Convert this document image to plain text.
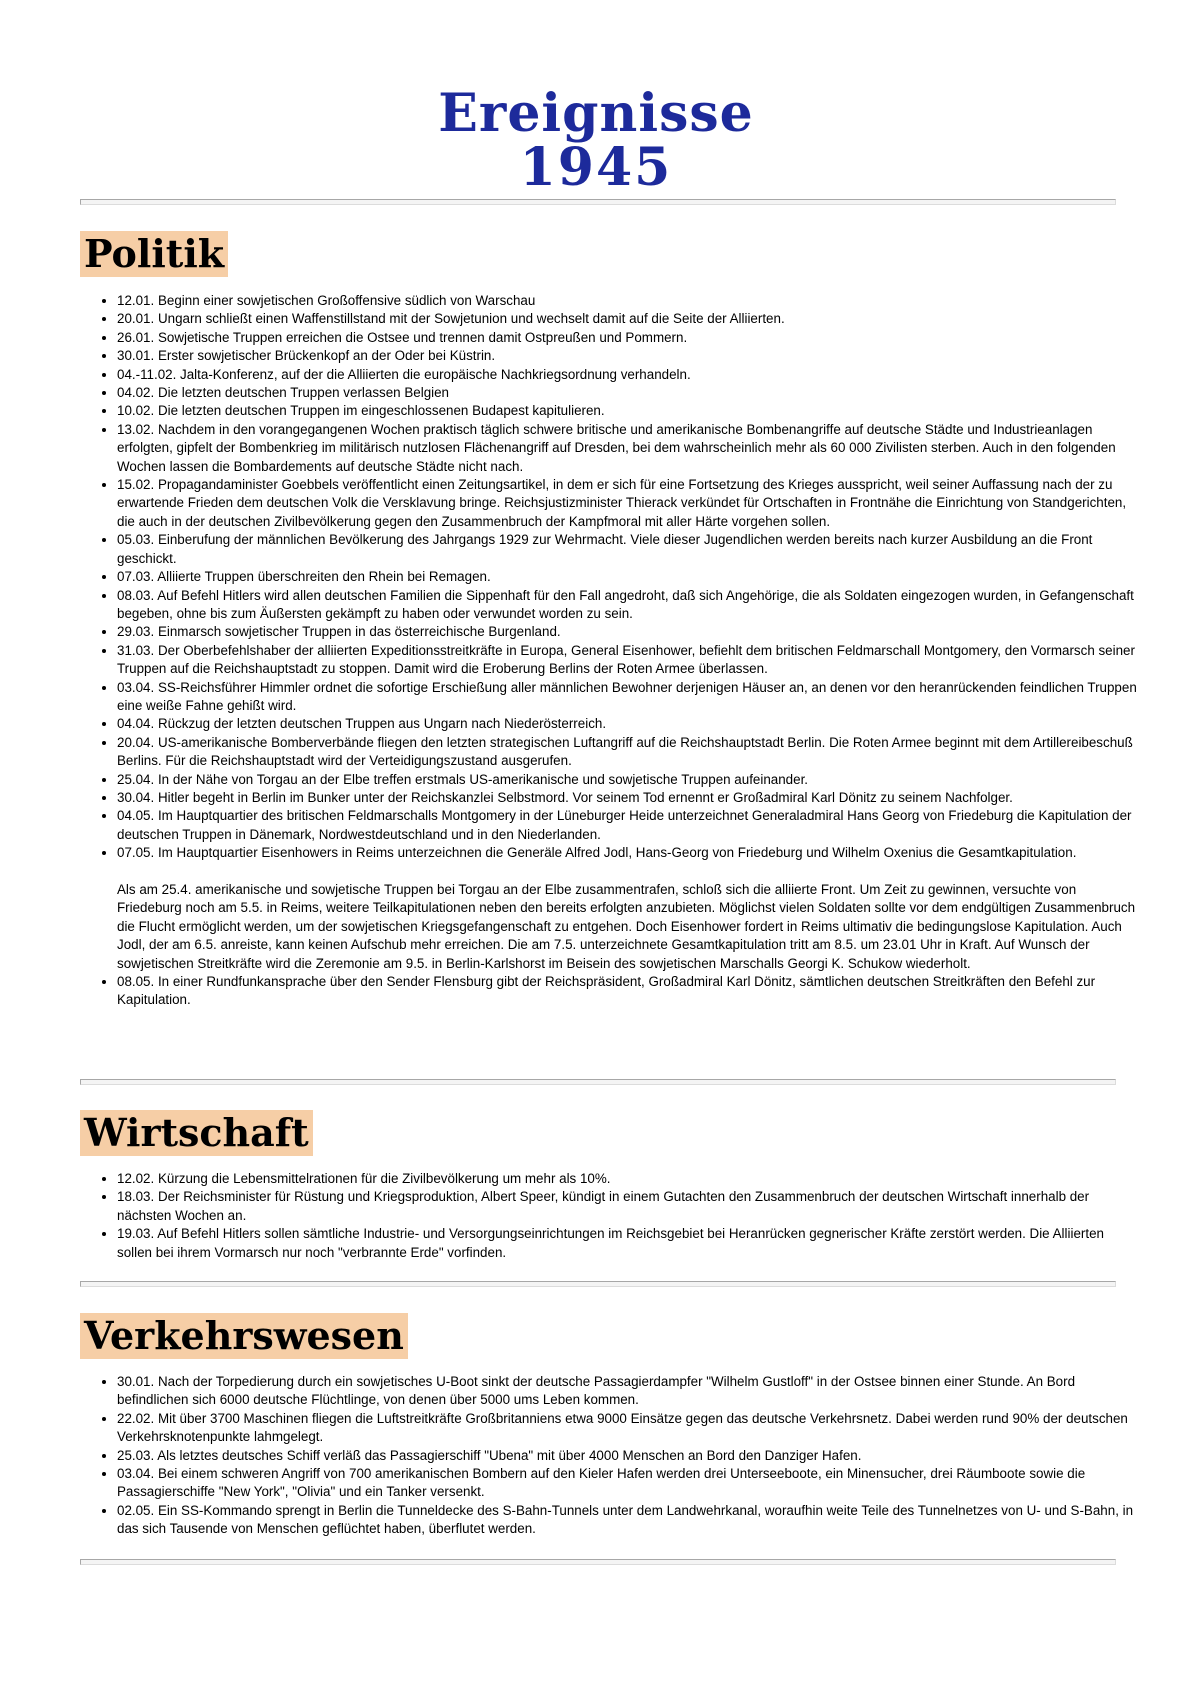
Ereignisse
1945
Politik
• 12.01. Beginn einer sowjetischen Großoffensive südlich von Warschau
• 20.01. Ungarn schließt einen Waffenstillstand mit der Sowjetunion und wechselt damit auf die Seite der Alliierten.
• 26.01. Sowjetische Truppen erreichen die Ostsee und trennen damit Ostpreußen und Pommern.
• 30.01. Erster sowjetischer Brückenkopf an der Oder bei Küstrin.
• 04.-11.02. Jalta-Konferenz, auf der die Alliierten die europäische Nachkriegsordnung verhandeln.
• 04.02. Die letzten deutschen Truppen verlassen Belgien
• 10.02. Die letzten deutschen Truppen im eingeschlossenen Budapest kapitulieren.
• 13.02. Nachdem in den vorangegangenen Wochen praktisch täglich schwere britische und amerikanische Bombenangriffe auf deutsche Städte und Industrieanlagen erfolgten, gipfelt der Bombenkrieg im militärisch nutzlosen Flächenangriff auf Dresden, bei dem wahrscheinlich mehr als 60 000 Zivilisten sterben. Auch in den folgenden Wochen lassen die Bombardements auf deutsche Städte nicht nach.
• 15.02. Propagandaminister Goebbels veröffentlicht einen Zeitungsartikel, in dem er sich für eine Fortsetzung des Krieges ausspricht, weil seiner Auffassung nach der zu erwartende Frieden dem deutschen Volk die Versklavung bringe. Reichsjustizminister Thierack verkündet für Ortschaften in Frontnähe die Einrichtung von Standgerichten, die auch in der deutschen Zivilbevölkerung gegen den Zusammenbruch der Kampfmoral mit aller Härte vorgehen sollen.
• 05.03. Einberufung der männlichen Bevölkerung des Jahrgangs 1929 zur Wehrmacht. Viele dieser Jugendlichen werden bereits nach kurzer Ausbildung an die Front geschickt.
• 07.03. Alliierte Truppen überschreiten den Rhein bei Remagen.
• 08.03. Auf Befehl Hitlers wird allen deutschen Familien die Sippenhaft für den Fall angedroht, daß sich Angehörige, die als Soldaten eingezogen wurden, in Gefangenschaft begeben, ohne bis zum Äußersten gekämpft zu haben oder verwundet worden zu sein.
• 29.03. Einmarsch sowjetischer Truppen in das österreichische Burgenland.
• 31.03. Der Oberbefehlshaber der alliierten Expeditionsstreitkräfte in Europa, General Eisenhower, befiehlt dem britischen Feldmarschall Montgomery, den Vormarsch seiner Truppen auf die Reichshauptstadt zu stoppen. Damit wird die Eroberung Berlins der Roten Armee überlassen.
• 03.04. SS-Reichsführer Himmler ordnet die sofortige Erschießung aller männlichen Bewohner derjenigen Häuser an, an denen vor den heranrückenden feindlichen Truppen eine weiße Fahne gehißt wird.
• 04.04. Rückzug der letzten deutschen Truppen aus Ungarn nach Niederösterreich.
• 20.04. US-amerikanische Bomberverbände fliegen den letzten strategischen Luftangriff auf die Reichshauptstadt Berlin. Die Roten Armee beginnt mit dem Artillereibeschuß Berlins. Für die Reichshauptstadt wird der Verteidigungszustand ausgerufen.
• 25.04. In der Nähe von Torgau an der Elbe treffen erstmals US-amerikanische und sowjetische Truppen aufeinander.
• 30.04. Hitler begeht in Berlin im Bunker unter der Reichskanzlei Selbstmord. Vor seinem Tod ernennt er Großadmiral Karl Dönitz zu seinem Nachfolger.
• 04.05. Im Hauptquartier des britischen Feldmarschalls Montgomery in der Lüneburger Heide unterzeichnet Generaladmiral Hans Georg von Friedeburg die Kapitulation der deutschen Truppen in Dänemark, Nordwestdeutschland und in den Niederlanden.
• 07.05. Im Hauptquartier Eisenhowers in Reims unterzeichnen die Generäle Alfred Jodl, Hans-Georg von Friedeburg und Wilhelm Oxenius die Gesamtkapitulation.
Als am 25.4. amerikanische und sowjetische Truppen bei Torgau an der Elbe zusammentrafen, schloß sich die alliierte Front. Um Zeit zu gewinnen, versuchte von Friedeburg noch am 5.5. in Reims, weitere Teilkapitulationen neben den bereits erfolgten anzubieten. Möglichst vielen Soldaten sollte vor dem endgültigen Zusammenbruch die Flucht ermöglicht werden, um der sowjetischen Kriegsgefangenschaft zu entgehen. Doch Eisenhower fordert in Reims ultimativ die bedingungslose Kapitulation. Auch Jodl, der am 6.5. anreiste, kann keinen Aufschub mehr erreichen. Die am 7.5. unterzeichnete Gesamtkapitulation tritt am 8.5. um 23.01 Uhr in Kraft. Auf Wunsch der sowjetischen Streitkräfte wird die Zeremonie am 9.5. in Berlin-Karlshorst im Beisein des sowjetischen Marschalls Georgi K. Schukow wiederholt.
• 08.05. In einer Rundfunkansprache über den Sender Flensburg gibt der Reichspräsident, Großadmiral Karl Dönitz, sämtlichen deutschen Streitkräften den Befehl zur Kapitulation.
Wirtschaft
• 12.02. Kürzung die Lebensmittelrationen für die Zivilbevölkerung um mehr als 10%.
• 18.03. Der Reichsminister für Rüstung und Kriegsproduktion, Albert Speer, kündigt in einem Gutachten den Zusammenbruch der deutschen Wirtschaft innerhalb der nächsten Wochen an.
• 19.03. Auf Befehl Hitlers sollen sämtliche Industrie- und Versorgungseinrichtungen im Reichsgebiet bei Heranrücken gegnerischer Kräfte zerstört werden. Die Alliierten sollen bei ihrem Vormarsch nur noch "verbrannte Erde" vorfinden.
Verkehrswesen
• 30.01. Nach der Torpedierung durch ein sowjetisches U-Boot sinkt der deutsche Passagierdampfer "Wilhelm Gustloff" in der Ostsee binnen einer Stunde. An Bord befindlichen sich 6000 deutsche Flüchtlinge, von denen über 5000 ums Leben kommen.
• 22.02. Mit über 3700 Maschinen fliegen die Luftstreitkräfte Großbritanniens etwa 9000 Einsätze gegen das deutsche Verkehrsnetz. Dabei werden rund 90% der deutschen Verkehrsknotenpunkte lahmgelegt.
• 25.03. Als letztes deutsches Schiff verläß das Passagierschiff "Ubena" mit über 4000 Menschen an Bord den Danziger Hafen.
• 03.04. Bei einem schweren Angriff von 700 amerikanischen Bombern auf den Kieler Hafen werden drei Unterseeboote, ein Minensucher, drei Räumboote sowie die Passagierschiffe "New York", "Olivia" und ein Tanker versenkt.
• 02.05. Ein SS-Kommando sprengt in Berlin die Tunneldecke des S-Bahn-Tunnels unter dem Landwehrkanal, woraufhin weite Teile des Tunnelnetzes von U- und S-Bahn, in das sich Tausende von Menschen geflüchtet haben, überflutet werden.
